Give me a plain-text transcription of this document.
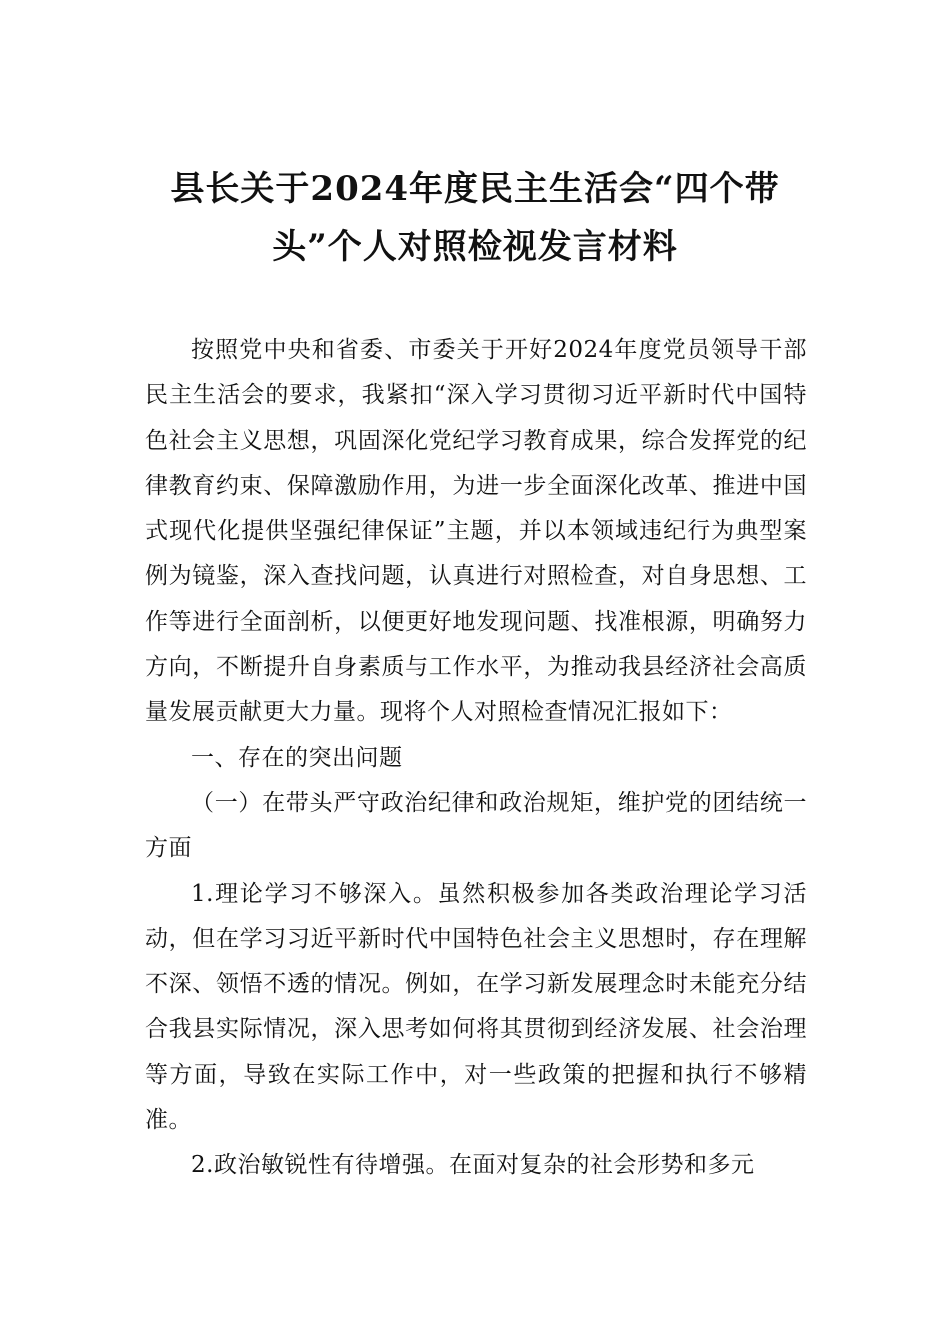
县长关于2024年度民主生活会“四个带头”个人对照检视发言材料

按照党中央和省委、市委关于开好2024年度党员领导干部民主生活会的要求，我紧扣“深入学习贯彻习近平新时代中国特色社会主义思想，巩固深化党纪学习教育成果，综合发挥党的纪律教育约束、保障激励作用，为进一步全面深化改革、推进中国式现代化提供坚强纪律保证”主题，并以本领域违纪行为典型案例为镜鉴，深入查找问题，认真进行对照检查，对自身思想、工作等进行全面剖析，以便更好地发现问题、找准根源，明确努力方向，不断提升自身素质与工作水平，为推动我县经济社会高质量发展贡献更大力量。现将个人对照检查情况汇报如下：

一、存在的突出问题

（一）在带头严守政治纪律和政治规矩，维护党的团结统一方面

1.理论学习不够深入。虽然积极参加各类政治理论学习活动，但在学习习近平新时代中国特色社会主义思想时，存在理解不深、领悟不透的情况。例如，在学习新发展理念时未能充分结合我县实际情况，深入思考如何将其贯彻到经济发展、社会治理等方面，导致在实际工作中，对一些政策的把握和执行不够精准。

2.政治敏锐性有待增强。在面对复杂的社会形势和多元
